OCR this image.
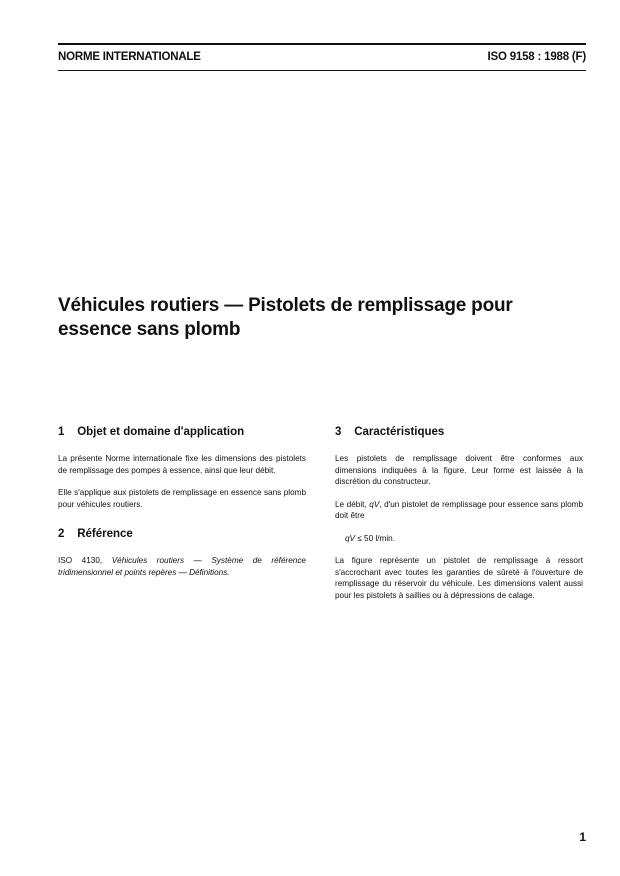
NORME INTERNATIONALE	ISO 9158 : 1988 (F)
Véhicules routiers — Pistolets de remplissage pour
essence sans plomb
1 Objet et domaine d'application

La présente Norme internationale fixe les dimensions des pistolets de remplissage des pompes à essence, ainsi que leur débit.

Elle s'applique aux pistolets de remplissage en essence sans plomb pour véhicules routiers.

2 Référence

ISO 4130, Véhicules routiers — Système de référence tridimensionnel et points repères — Définitions.

3 Caractéristiques

Les pistolets de remplissage doivent être conformes aux dimensions indiquées à la figure. Leur forme est laissée à la discrétion du constructeur.

Le débit, qV, d'un pistolet de remplissage pour essence sans plomb doit être

qV ≤ 50 l/min.

La figure représente un pistolet de remplissage à ressort s'accrochant avec toutes les garanties de sûreté à l'ouverture de remplissage du réservoir du véhicule. Les dimensions valent aussi pour les pistolets à saillies ou à dépressions de calage.

1
